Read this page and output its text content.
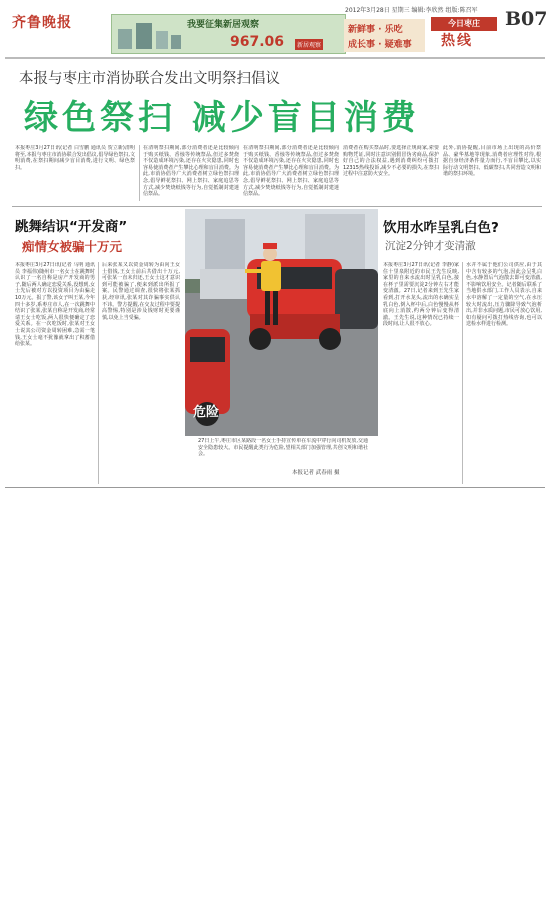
齐鲁晚报	我要征集新居观察
967.06	新居观察
新鲜事 · 乐吃
成长事 · 疑难事
2012年3月28日 星期三 编辑:李欣然 组版:陈召军 B07
今日枣庄
热线
本报与枣庄市消协联合发出文明祭扫倡议
绿色祭扫 减少盲目消费
本报枣庄3月27日讯(记者 白雪鹏 通讯员 贺立新)清明将至,本报与枣庄市消协联合发出倡议,倡导绿色祭扫,文明消费,在祭扫期间减少盲目消费,进行文明、绿色祭扫。
在清明祭扫期间,部分消费者还是比较倾向于购买纸钱、香烛等传统祭品,但过多焚烧不仅造成环境污染,还存在火灾隐患,同时也容易使消费者产生攀比心理和盲目消费。为此,市消协倡导广大消费者树立绿色祭扫理念,倡导鲜花祭扫、网上祭扫、家庭追思等方式,减少焚烧纸钱等行为,自觉抵制封建迷信祭品。
在清明祭扫期间,部分消费者还是比较倾向于购买纸钱、香烛等传统祭品,但过多焚烧不仅造成环境污染,还存在火灾隐患,同时也容易使消费者产生攀比心理和盲目消费。为此,市消协倡导广大消费者树立绿色祭扫理念,倡导鲜花祭扫、网上祭扫、家庭追思等方式,减少焚烧纸钱等行为,自觉抵制封建迷信祭品。
消费者在购买祭品时,要选择正规商家,索要购物凭证,同时注意识别假冒伪劣商品,保护好自己的合法权益,遇到消费纠纷可拨打12315热线投诉,减少不必要的损失,在祭扫过程中注意防火安全。
此外,消协提醒,目前市场上出现的高价祭品、豪华墓地等现象,消费者应理性对待,根据自身经济条件量力而行,不盲目攀比,以实际行动文明祭扫、低碳祭扫,共同营造文明和谐的祭扫环境。
跳舞结识“开发商”
痴情女被骗十万元
本报枣庄3月27日讯(记者 马明 通讯员 李福伟)随州市一名女士在跳舞时认识了一名自称是房产开发商的男子,随后两人确定恋爱关系,没想到,女士先后被对方以投资项目为由骗走10万元。报了警,该女子叫王某,今年四十多岁,系枣庄市人,在一次跳舞中结识了张某,张某自称是开发商,经常请王女士吃饭,两人很快便确定了恋爱关系。在一次吃饭时,张某对王女士说其公司资金周转困难,急需一笔钱,王女士毫不犹豫就拿出了积蓄借给张某。
后来张某又以资金周转为由向王女士借钱,王女士前后共借出十万元,可张某一直未归还,王女士这才意识到可能被骗了,便来到派出所报了案。民警通过调查,很快将张某抓获,经审讯,张某对其诈骗事实供认不讳。警方提醒,在交友过程中要提高警惕,特别是涉及钱财时更要谨慎,以免上当受骗。
危险
27日上午,枣庄市区某路段一名女士手持宣传单在车流中穿行向司机发放,交通安全隐患较大。市民提醒此类行为危险,望相关部门加强管理,共创文明和谐社会。
本报记者 武春雨 摄
饮用水咋呈乳白色?
沉淀2分钟才变清澈
本报枣庄3月27日讯(记者 李静)家住十里泉附近的市民王先生反映,家里的自来水流出时呈乳白色,接在杯子里需要沉淀2分钟左右才能变清澈。27日,记者来到王先生家看到,打开水龙头,流出的水确实呈乳白色,倒入杯中后,白色慢慢从杯底向上消散,约两分钟后变得清澈。王先生说,这种情况已持续一段时间,让人很不放心。
水并不属于他们公司供应,由于其中含有较多的气泡,因此会呈乳白色,水静置后气泡散去即可变清澈,不影响饮用安全。记者随后联系了当地供水部门,工作人员表示,自来水中溶解了一定量的空气,在水压较大时流出,压力骤降导致气泡析出,并非水质问题,市民可放心饮用,如有疑问可拨打热线咨询,也可以送检水样进行检测。
